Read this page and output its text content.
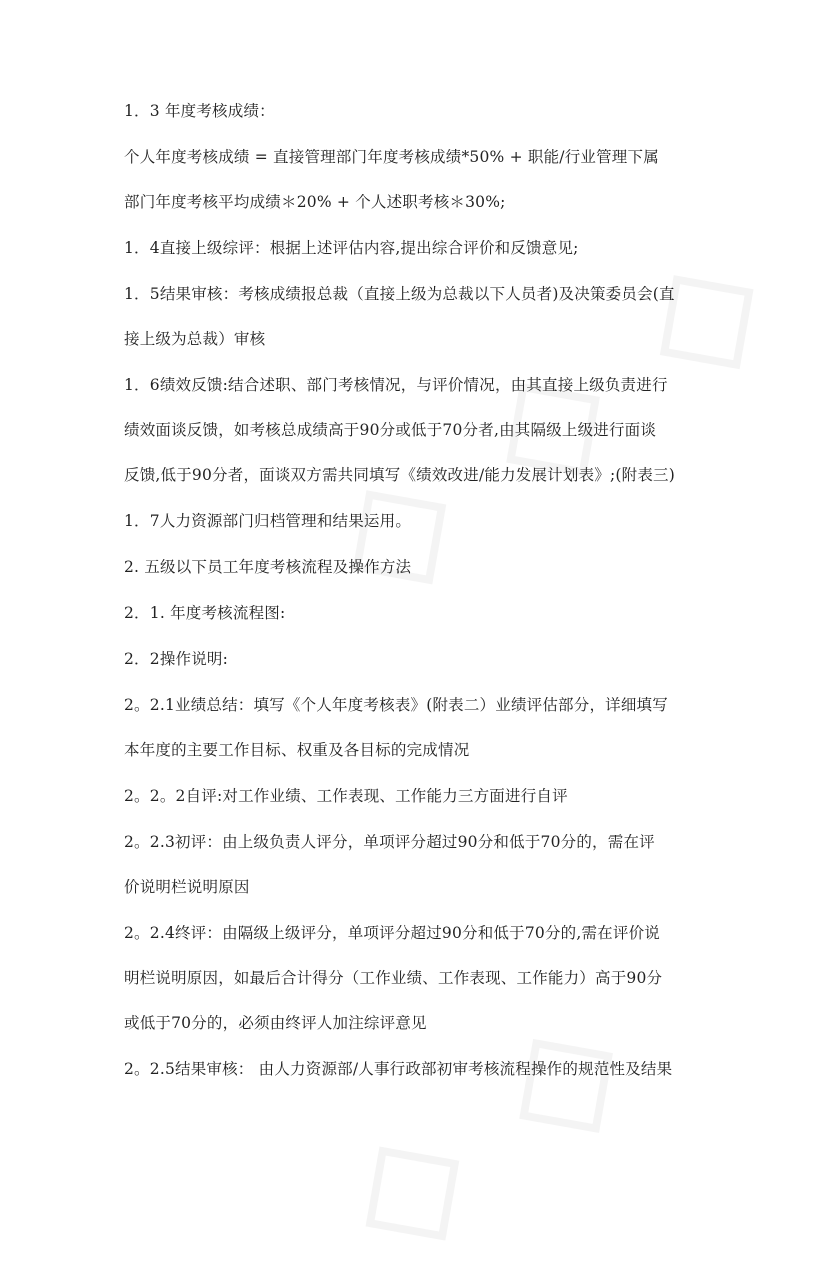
1．3 年度考核成绩：
个人年度考核成绩 = 直接管理部门年度考核成绩*50% + 职能/行业管理下属
部门年度考核平均成绩＊20% + 个人述职考核＊30%;
1．4直接上级综评：根据上述评估内容,提出综合评价和反馈意见;
1．5结果审核：考核成绩报总裁（直接上级为总裁以下人员者)及决策委员会(直
接上级为总裁）审核
1．6绩效反馈:结合述职、部门考核情况，与评价情况，由其直接上级负责进行
绩效面谈反馈，如考核总成绩高于90分或低于70分者,由其隔级上级进行面谈
反馈,低于90分者，面谈双方需共同填写《绩效改进/能力发展计划表》;(附表三)
1．7人力资源部门归档管理和结果运用。
2. 五级以下员工年度考核流程及操作方法
2．1. 年度考核流程图:
2．2操作说明:
2。2.1业绩总结：填写《个人年度考核表》(附表二）业绩评估部分，详细填写
本年度的主要工作目标、权重及各目标的完成情况
2。2。2自评:对工作业绩、工作表现、工作能力三方面进行自评
2。2.3初评：由上级负责人评分，单项评分超过90分和低于70分的，需在评
价说明栏说明原因
2。2.4终评：由隔级上级评分，单项评分超过90分和低于70分的,需在评价说
明栏说明原因，如最后合计得分（工作业绩、工作表现、工作能力）高于90分
或低于70分的，必须由终评人加注综评意见
2。2.5结果审核： 由人力资源部/人事行政部初审考核流程操作的规范性及结果
